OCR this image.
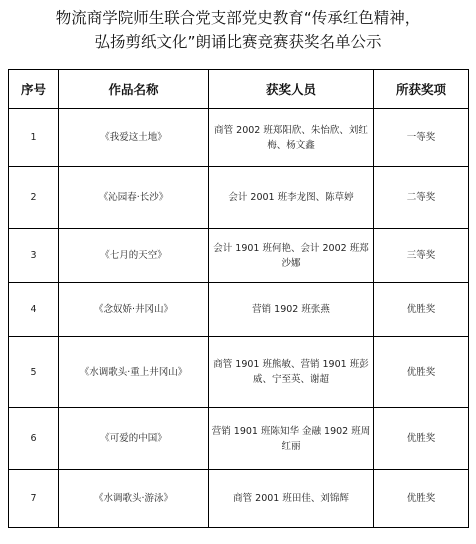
物流商学院师生联合党支部党史教育“传承红色精神，
弘扬剪纸文化”朗诵比赛竞赛获奖名单公示
序号	作品名称	获奖人员	所获奖项
1	《我爱这土地》	商管 2002 班郑阳欣、朱怡欣、刘红梅、杨文鑫	一等奖
2	《沁园春·长沙》	会计 2001 班李龙图、陈草婷	二等奖
3	《七月的天空》	会计 1901 班何艳、会计 2002 班郑沙娜	三等奖
4	《念奴娇·井冈山》	营销 1902 班张燕	优胜奖
5	《水调歌头·重上井冈山》	商管 1901 班熊敏、营销 1901 班彭威、宁至英、谢超	优胜奖
6	《可爱的中国》	营销 1901 班陈知华 金融 1902 班周红丽	优胜奖
7	《水调歌头·游泳》	商管 2001 班田佳、刘锦辉	优胜奖
